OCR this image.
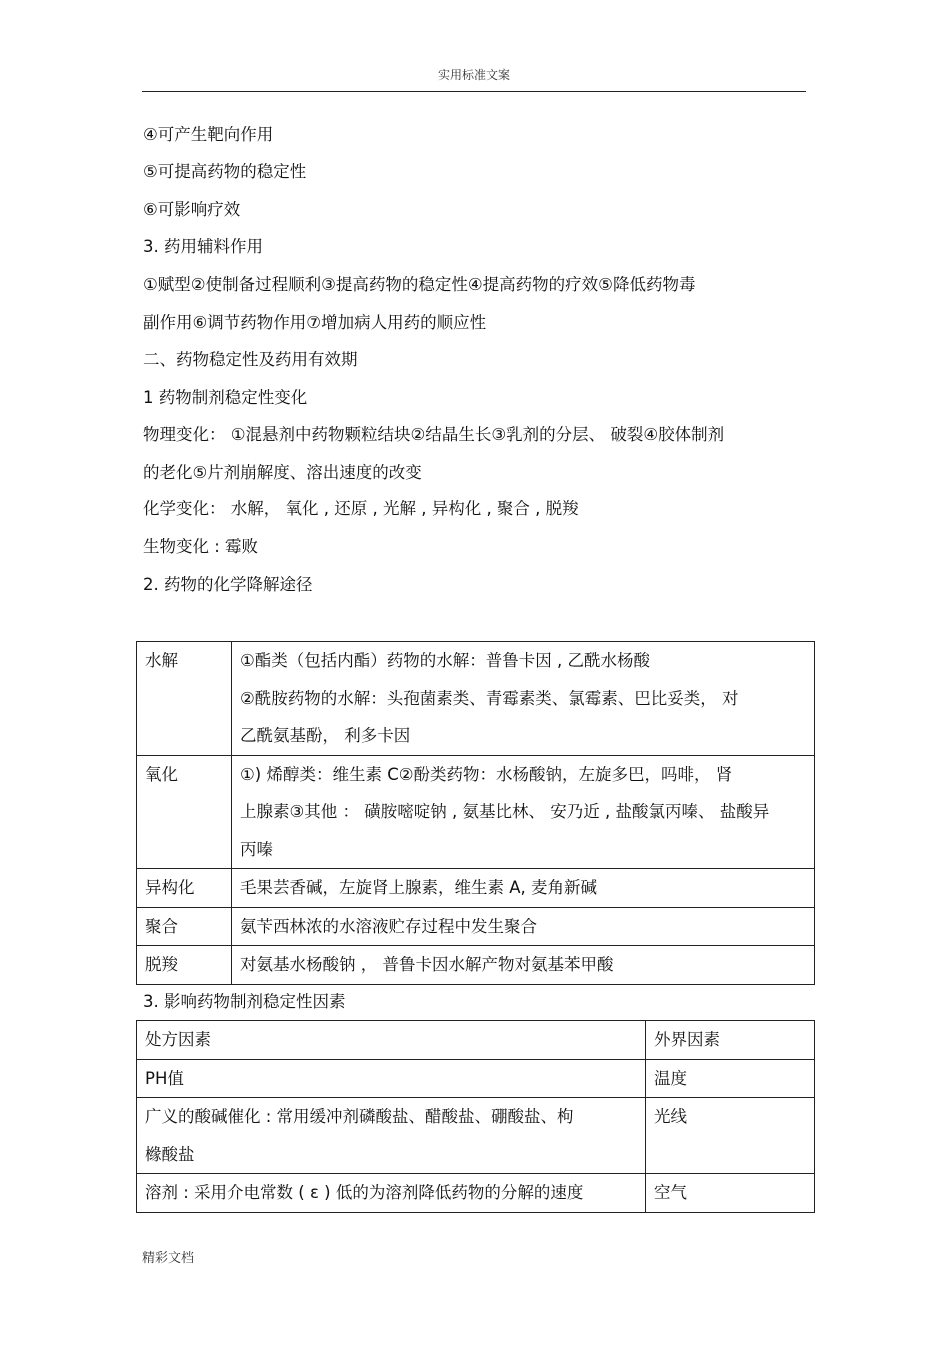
实用标准文案
④可产生靶向作用
⑤可提高药物的稳定性
⑥可影响疗效
3. 药用辅料作用
①赋型②使制备过程顺利③提高药物的稳定性④提高药物的疗效⑤降低药物毒
副作用⑥调节药物作用⑦增加病人用药的顺应性
二、药物稳定性及药用有效期
1 药物制剂稳定性变化
物理变化： ①混悬剂中药物颗粒结块②结晶生长③乳剂的分层、 破裂④胶体制剂
的老化⑤片剂崩解度、溶出速度的改变
化学变化： 水解， 氧化 , 还原 , 光解 , 异构化 , 聚合 , 脱羧
生物变化 : 霉败
2. 药物的化学降解途径
水解	①酯类（包括内酯）药物的水解：普鲁卡因 , 乙酰水杨酸
②酰胺药物的水解：头孢菌素类、青霉素类、氯霉素、巴比妥类， 对
乙酰氨基酚， 利多卡因

氧化	①) 烯醇类：维生素 C②酚类药物：水杨酸钠，左旋多巴，吗啡， 肾
上腺素③其他 ： 磺胺嘧啶钠 , 氨基比林、 安乃近 , 盐酸氯丙嗪、 盐酸异
丙嗪

异构化	毛果芸香碱，左旋肾上腺素，维生素 A, 麦角新碱

聚合	氨苄西林浓的水溶液贮存过程中发生聚合

脱羧	对氨基水杨酸钠 ， 普鲁卡因水解产物对氨基苯甲酸
3. 影响药物制剂稳定性因素
处方因素	外界因素

PH值	温度

广义的酸碱催化 : 常用缓冲剂磷酸盐、醋酸盐、硼酸盐、枸
橼酸盐	光线

溶剂 : 采用介电常数 ( ε ) 低的为溶剂降低药物的分解的速度	空气
精彩文档
